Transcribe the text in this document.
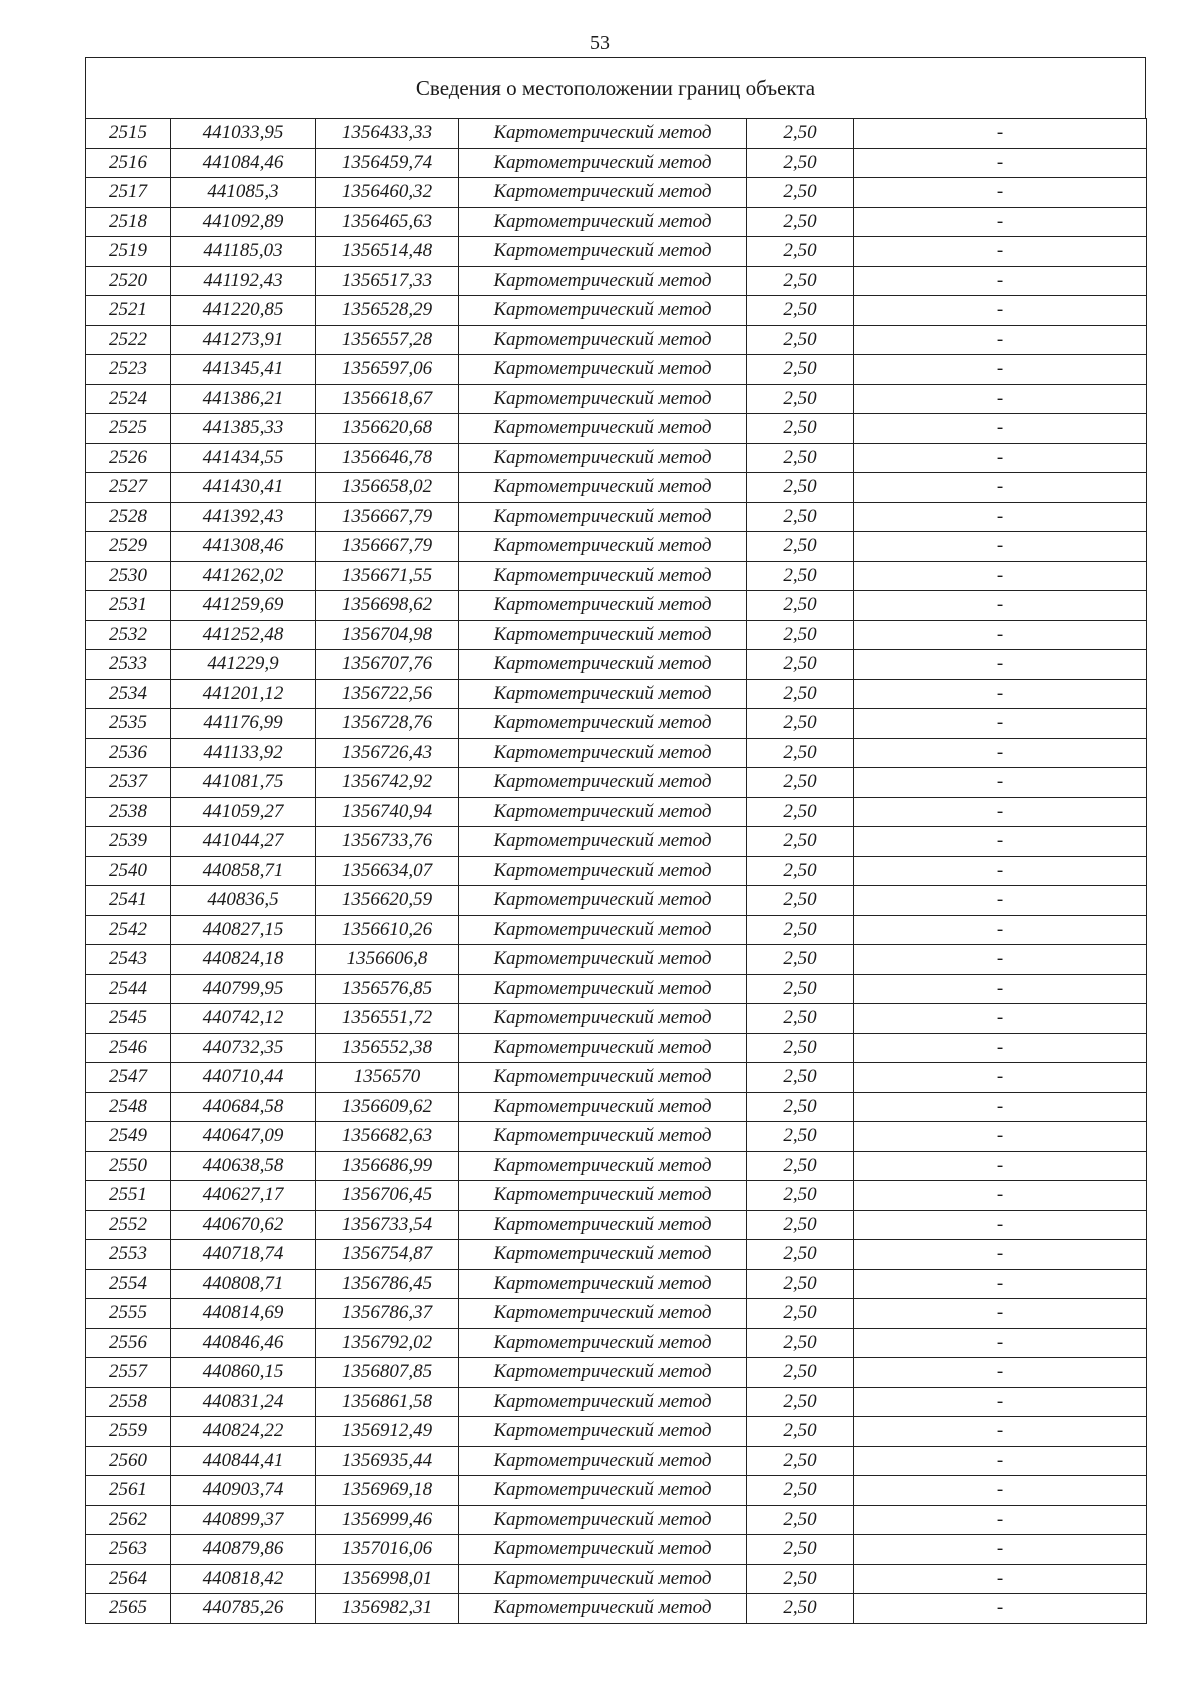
53
Сведения о местоположении границ объекта
2515	441033,95	1356433,33	Картометрический метод	2,50	-
2516	441084,46	1356459,74	Картометрический метод	2,50	-
2517	441085,3	1356460,32	Картометрический метод	2,50	-
2518	441092,89	1356465,63	Картометрический метод	2,50	-
2519	441185,03	1356514,48	Картометрический метод	2,50	-
2520	441192,43	1356517,33	Картометрический метод	2,50	-
2521	441220,85	1356528,29	Картометрический метод	2,50	-
2522	441273,91	1356557,28	Картометрический метод	2,50	-
2523	441345,41	1356597,06	Картометрический метод	2,50	-
2524	441386,21	1356618,67	Картометрический метод	2,50	-
2525	441385,33	1356620,68	Картометрический метод	2,50	-
2526	441434,55	1356646,78	Картометрический метод	2,50	-
2527	441430,41	1356658,02	Картометрический метод	2,50	-
2528	441392,43	1356667,79	Картометрический метод	2,50	-
2529	441308,46	1356667,79	Картометрический метод	2,50	-
2530	441262,02	1356671,55	Картометрический метод	2,50	-
2531	441259,69	1356698,62	Картометрический метод	2,50	-
2532	441252,48	1356704,98	Картометрический метод	2,50	-
2533	441229,9	1356707,76	Картометрический метод	2,50	-
2534	441201,12	1356722,56	Картометрический метод	2,50	-
2535	441176,99	1356728,76	Картометрический метод	2,50	-
2536	441133,92	1356726,43	Картометрический метод	2,50	-
2537	441081,75	1356742,92	Картометрический метод	2,50	-
2538	441059,27	1356740,94	Картометрический метод	2,50	-
2539	441044,27	1356733,76	Картометрический метод	2,50	-
2540	440858,71	1356634,07	Картометрический метод	2,50	-
2541	440836,5	1356620,59	Картометрический метод	2,50	-
2542	440827,15	1356610,26	Картометрический метод	2,50	-
2543	440824,18	1356606,8	Картометрический метод	2,50	-
2544	440799,95	1356576,85	Картометрический метод	2,50	-
2545	440742,12	1356551,72	Картометрический метод	2,50	-
2546	440732,35	1356552,38	Картометрический метод	2,50	-
2547	440710,44	1356570	Картометрический метод	2,50	-
2548	440684,58	1356609,62	Картометрический метод	2,50	-
2549	440647,09	1356682,63	Картометрический метод	2,50	-
2550	440638,58	1356686,99	Картометрический метод	2,50	-
2551	440627,17	1356706,45	Картометрический метод	2,50	-
2552	440670,62	1356733,54	Картометрический метод	2,50	-
2553	440718,74	1356754,87	Картометрический метод	2,50	-
2554	440808,71	1356786,45	Картометрический метод	2,50	-
2555	440814,69	1356786,37	Картометрический метод	2,50	-
2556	440846,46	1356792,02	Картометрический метод	2,50	-
2557	440860,15	1356807,85	Картометрический метод	2,50	-
2558	440831,24	1356861,58	Картометрический метод	2,50	-
2559	440824,22	1356912,49	Картометрический метод	2,50	-
2560	440844,41	1356935,44	Картометрический метод	2,50	-
2561	440903,74	1356969,18	Картометрический метод	2,50	-
2562	440899,37	1356999,46	Картометрический метод	2,50	-
2563	440879,86	1357016,06	Картометрический метод	2,50	-
2564	440818,42	1356998,01	Картометрический метод	2,50	-
2565	440785,26	1356982,31	Картометрический метод	2,50	-
